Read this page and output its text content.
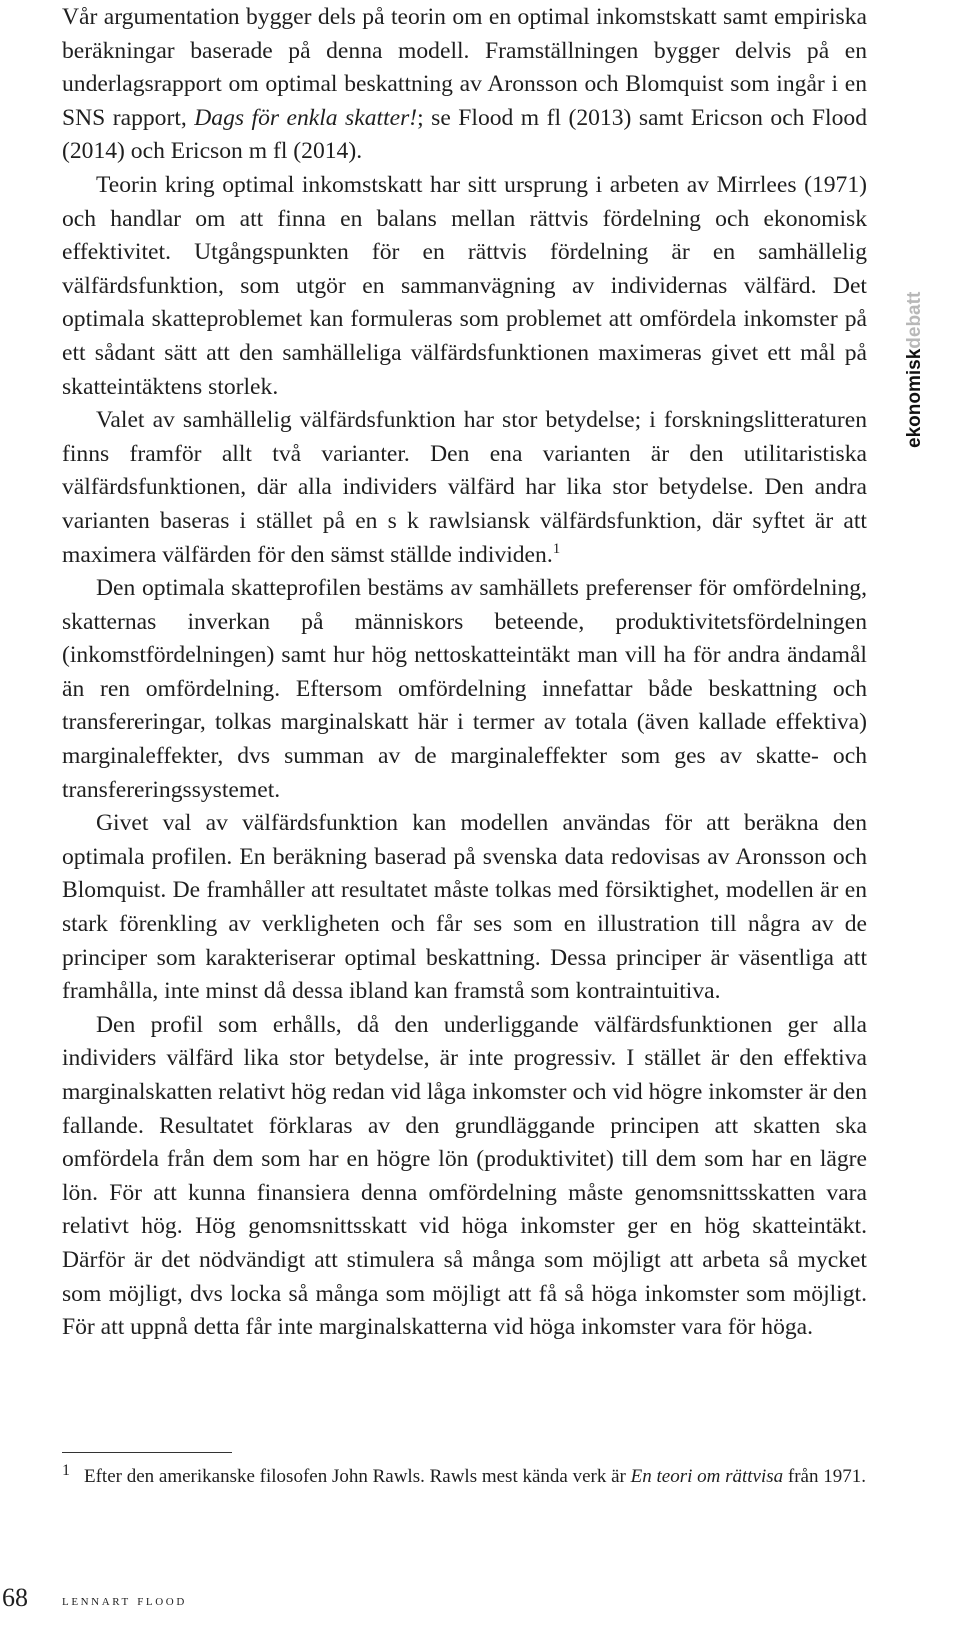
Vår argumentation bygger dels på teorin om en optimal inkomstskatt samt empiriska beräkningar baserade på denna modell. Framställningen bygger delvis på en underlagsrapport om optimal beskattning av Aronsson och Blomquist som ingår i en SNS rapport, Dags för enkla skatter!; se Flood m fl (2013) samt Ericson och Flood (2014) och Ericson m fl (2014).

Teorin kring optimal inkomstskatt har sitt ursprung i arbeten av Mirrlees (1971) och handlar om att finna en balans mellan rättvis fördelning och ekonomisk effektivitet. Utgångspunkten för en rättvis fördelning är en samhällelig välfärdsfunktion, som utgör en sammanvägning av individernas välfärd. Det optimala skatteproblemet kan formuleras som problemet att omfördela inkomster på ett sådant sätt att den samhälleliga välfärdsfunktionen maximeras givet ett mål på skatteintäktens storlek.

Valet av samhällelig välfärdsfunktion har stor betydelse; i forskningslitteraturen finns framför allt två varianter. Den ena varianten är den utilitaristiska välfärdsfunktionen, där alla individers välfärd har lika stor betydelse. Den andra varianten baseras i stället på en s k rawlsiansk välfärdsfunktion, där syftet är att maximera välfärden för den sämst ställde individen.$^1$

Den optimala skatteprofilen bestäms av samhällets preferenser för omfördelning, skatternas inverkan på människors beteende, produktivitetsfördelningen (inkomstfördelningen) samt hur hög nettoskatteintäkt man vill ha för andra ändamål än ren omfördelning. Eftersom omfördelning innefattar både beskattning och transfereringar, tolkas marginalskatt här i termer av totala (även kallade effektiva) marginaleffekter, dvs summan av de marginaleffekter som ges av skatte- och transfereringssystemet.

Givet val av välfärdsfunktion kan modellen användas för att beräkna den optimala profilen. En beräkning baserad på svenska data redovisas av Aronsson och Blomquist. De framhåller att resultatet måste tolkas med försiktighet, modellen är en stark förenkling av verkligheten och får ses som en illustration till några av de principer som karakteriserar optimal beskattning. Dessa principer är väsentliga att framhålla, inte minst då dessa ibland kan framstå som kontraintuitiva.

Den profil som erhålls, då den underliggande välfärdsfunktionen ger alla individers välfärd lika stor betydelse, är inte progressiv. I stället är den effektiva marginalskatten relativt hög redan vid låga inkomster och vid högre inkomster är den fallande. Resultatet förklaras av den grundläggande principen att skatten ska omfördela från dem som har en högre lön (produktivitet) till dem som har en lägre lön. För att kunna finansiera denna omfördelning måste genomsnittsskatten vara relativt hög. Hög genomsnittsskatt vid höga inkomster ger en hög skatteintäkt. Därför är det nödvändigt att stimulera så många som möjligt att arbeta så mycket som möjligt, dvs locka så många som möjligt att få så höga inkomster som möjligt. För att uppnå detta får inte marginalskatterna vid höga inkomster vara för höga.

$^1$ Efter den amerikanske filosofen John Rawls. Rawls mest kända verk är En teori om rättvisa från 1971.

68 lennart flood
ekonomiskdebatt
